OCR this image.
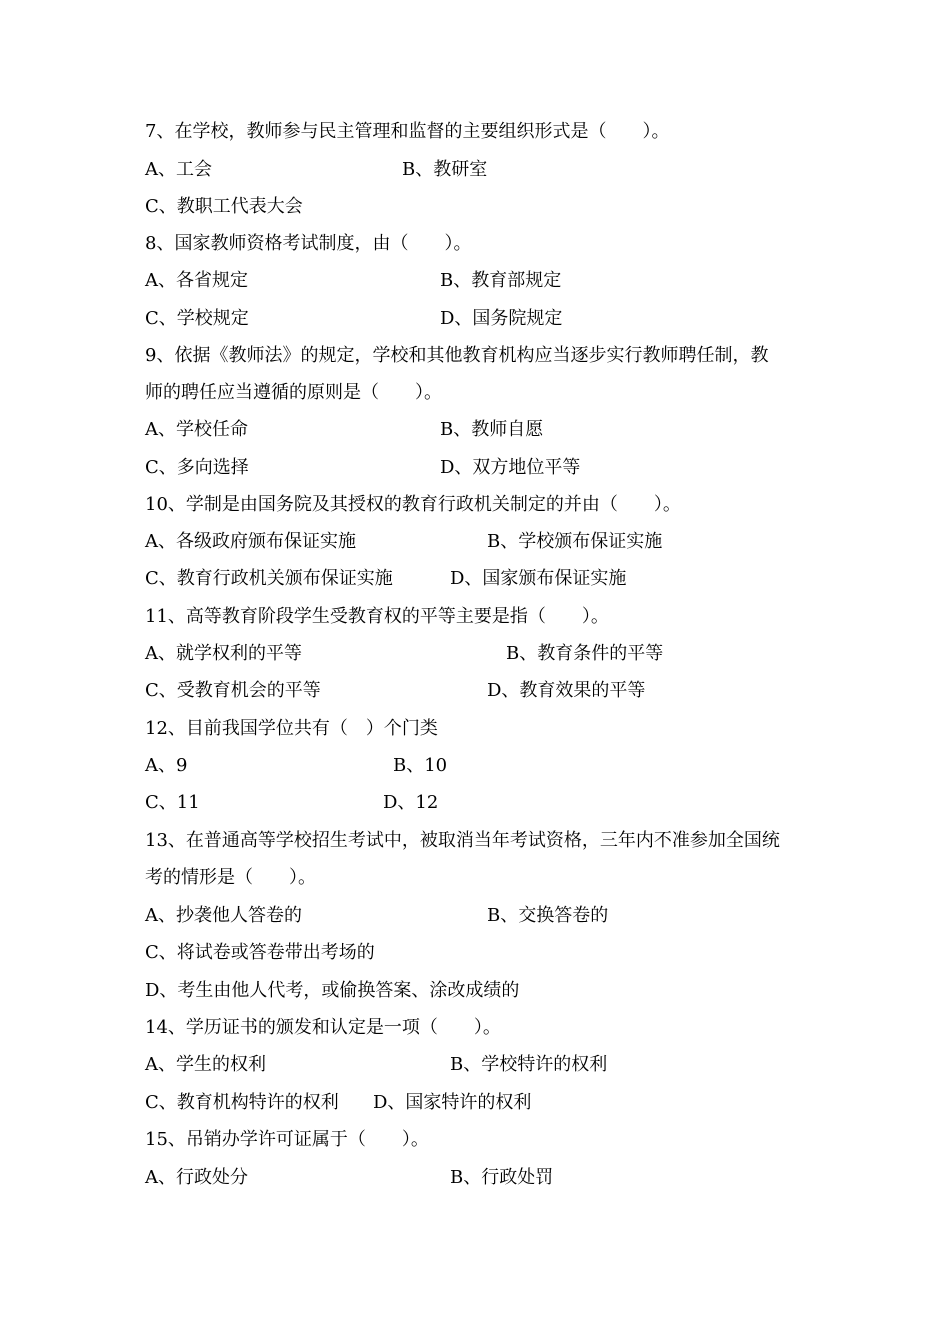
7、在学校，教师参与民主管理和监督的主要组织形式是（　　）。
A、工会	B、教研室
C、教职工代表大会
8、国家教师资格考试制度，由（　　）。
A、各省规定	B、教育部规定
C、学校规定	D、国务院规定
9、依据《教师法》的规定，学校和其他教育机构应当逐步实行教师聘任制，教
师的聘任应当遵循的原则是（　　）。
A、学校任命	B、教师自愿
C、多向选择	D、双方地位平等
10、学制是由国务院及其授权的教育行政机关制定的并由（　　）。
A、各级政府颁布保证实施	B、学校颁布保证实施
C、教育行政机关颁布保证实施	D、国家颁布保证实施
11、高等教育阶段学生受教育权的平等主要是指（　　）。
A、就学权利的平等	B、教育条件的平等
C、受教育机会的平等	D、教育效果的平等
12、目前我国学位共有（　）个门类
A、9	B、10
C、11	D、12
13、在普通高等学校招生考试中，被取消当年考试资格，三年内不准参加全国统
考的情形是（　　）。
A、抄袭他人答卷的	B、交换答卷的
C、将试卷或答卷带出考场的
D、考生由他人代考，或偷换答案、涂改成绩的
14、学历证书的颁发和认定是一项（　　）。
A、学生的权利	B、学校特许的权利
C、教育机构特许的权利 D、国家特许的权利
15、吊销办学许可证属于（　　）。
A、行政处分	B、行政处罚
